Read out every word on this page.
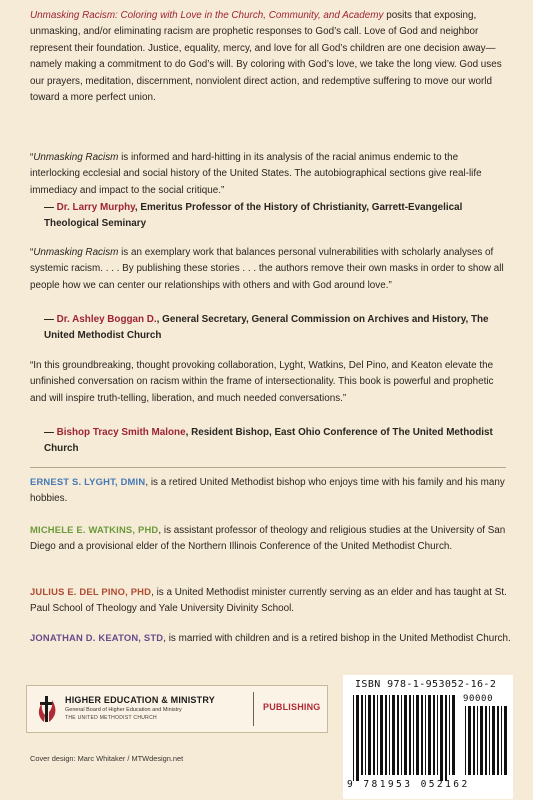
Unmasking Racism: Coloring with Love in the Church, Community, and Academy posits that exposing, unmasking, and/or eliminating racism are prophetic responses to God’s call. Love of God and neighbor represent their foundation. Justice, equality, mercy, and love for all God’s children are one decision away—namely making a commitment to do God’s will. By coloring with God’s love, we take the long view. God uses our prayers, meditation, discernment, nonviolent direct action, and redemptive suffering to move our world toward a more perfect union.

“Unmasking Racism is informed and hard-hitting in its analysis of the racial animus endemic to the interlocking ecclesial and social history of the United States. The autobiographical sections give real-life immediacy and impact to the social critique.”

— Dr. Larry Murphy, Emeritus Professor of the History of Christianity, Garrett-Evangelical Theological Seminary

“Unmasking Racism is an exemplary work that balances personal vulnerabilities with scholarly analyses of systemic racism. . . . By publishing these stories . . . the authors remove their own masks in order to show all people how we can center our relationships with others and with God around love.”

— Dr. Ashley Boggan D., General Secretary, General Commission on Archives and History, The United Methodist Church

“In this groundbreaking, thought provoking collaboration, Lyght, Watkins, Del Pino, and Keaton elevate the unfinished conversation on racism within the frame of intersectionality. This book is powerful and prophetic and will inspire truth-telling, liberation, and much needed conversations.”

— Bishop Tracy Smith Malone, Resident Bishop, East Ohio Conference of The United Methodist Church

ERNEST S. LYGHT, DMIN, is a retired United Methodist bishop who enjoys time with his family and his many hobbies.

MICHELE E. WATKINS, PHD, is assistant professor of theology and religious studies at the University of San Diego and a provisional elder of the Northern Illinois Conference of the United Methodist Church.

JULIUS E. DEL PINO, PHD, is a United Methodist minister currently serving as an elder and has taught at St. Paul School of Theology and Yale University Divinity School.

JONATHAN D. KEATON, STD, is married with children and is a retired bishop in the United Methodist Church.

HIGHER EDUCATION & MINISTRY
General Board of Higher Education and Ministry
THE UNITED METHODIST CHURCH
PUBLISHING
Cover design: Marc Whitaker / MTWdesign.net
ISBN 978-1-953052-16-2
90000
9 781953 052162
